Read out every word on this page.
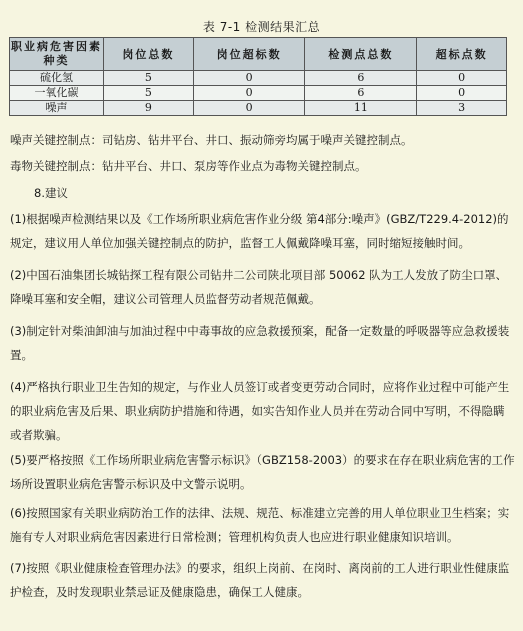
表 7-1 检测结果汇总
职业病危害因素种类	岗位总数	岗位超标数	检测点总数	超标点数
硫化氢	5	0	6	0
一氧化碳	5	0	6	0
噪声	9	0	11	3
噪声关键控制点：司钻房、钻井平台、井口、振动筛旁均属于噪声关键控制点。
毒物关键控制点：钻井平台、井口、泵房等作业点为毒物关键控制点。
8.建议
(1)根据噪声检测结果以及《工作场所职业病危害作业分级 第4部分:噪声》(GBZ/T229.4-2012)的规定，建议用人单位加强关键控制点的防护，监督工人佩戴降噪耳塞，同时缩短接触时间。
(2)中国石油集团长城钻探工程有限公司钻井二公司陕北项目部 50062 队为工人发放了防尘口罩、降噪耳塞和安全帽，建议公司管理人员监督劳动者规范佩戴。
(3)制定针对柴油卸油与加油过程中中毒事故的应急救援预案，配备一定数量的呼吸器等应急救援装置。
(4)严格执行职业卫生告知的规定，与作业人员签订或者变更劳动合同时，应将作业过程中可能产生的职业病危害及后果、职业病防护措施和待遇，如实告知作业人员并在劳动合同中写明，不得隐瞒或者欺骗。
(5)要严格按照《工作场所职业病危害警示标识》（GBZ158-2003）的要求在存在职业病危害的工作场所设置职业病危害警示标识及中文警示说明。
(6)按照国家有关职业病防治工作的法律、法规、规范、标准建立完善的用人单位职业卫生档案；实施有专人对职业病危害因素进行日常检测；管理机构负责人也应进行职业健康知识培训。
(7)按照《职业健康检查管理办法》的要求，组织上岗前、在岗时、离岗前的工人进行职业性健康监护检查，及时发现职业禁忌证及健康隐患，确保工人健康。
